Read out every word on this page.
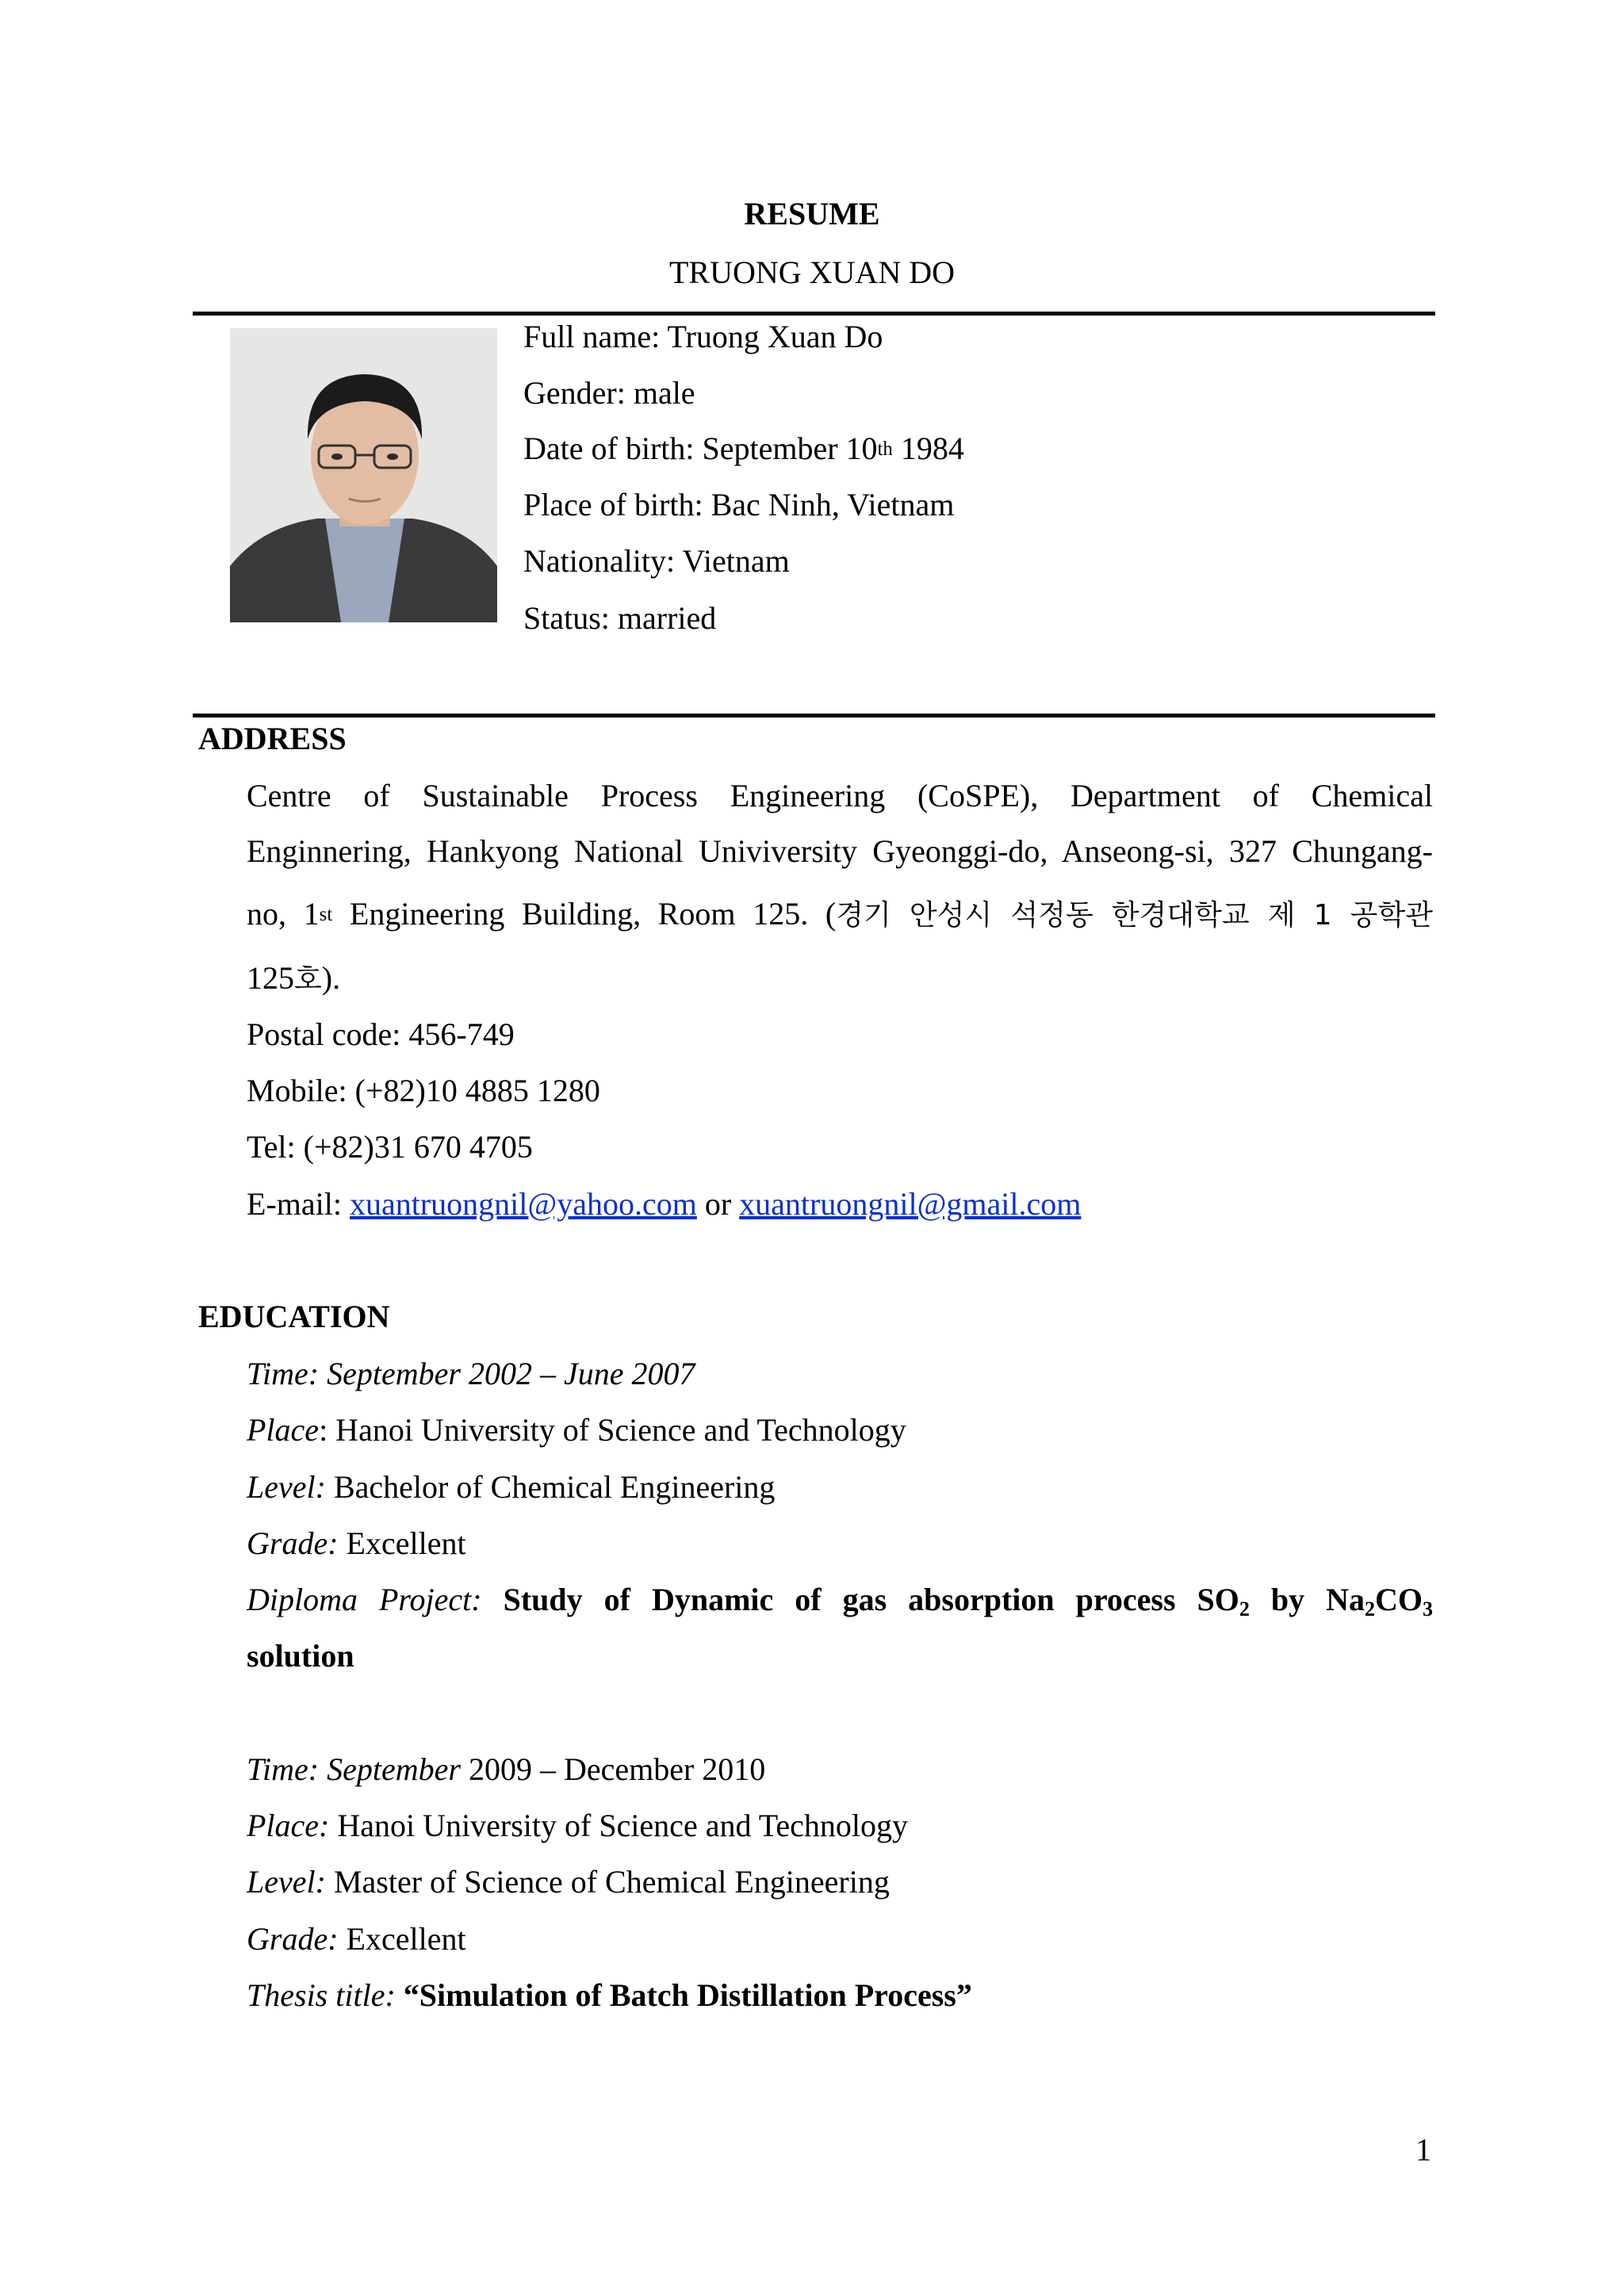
RESUME
TRUONG XUAN DO
Full name: Truong Xuan Do
Gender: male
Date of birth: September 10th 1984
Place of birth: Bac Ninh, Vietnam
Nationality: Vietnam
Status: married
ADDRESS
Centre of Sustainable Process Engineering (CoSPE), Department of Chemical
Enginnering, Hankyong National Univiversity Gyeonggi-do, Anseong-si, 327 Chungang-
no, 1st Engineering Building, Room 125. (경기 안성시 석정동 한경대학교 제 1 공학관
125호).
Postal code: 456-749
Mobile: (+82)10 4885 1280
Tel: (+82)31 670 4705
E-mail: xuantruongnil@yahoo.com or xuantruongnil@gmail.com
EDUCATION
Time: September 2002 – June 2007
Place: Hanoi University of Science and Technology
Level: Bachelor of Chemical Engineering
Grade: Excellent
Diploma Project: Study of Dynamic of gas absorption process $SO_2$ by $Na_2CO_3$
solution
Time: September 2009 – December 2010
Place: Hanoi University of Science and Technology
Level: Master of Science of Chemical Engineering
Grade: Excellent
Thesis title: “Simulation of Batch Distillation Process”
1
